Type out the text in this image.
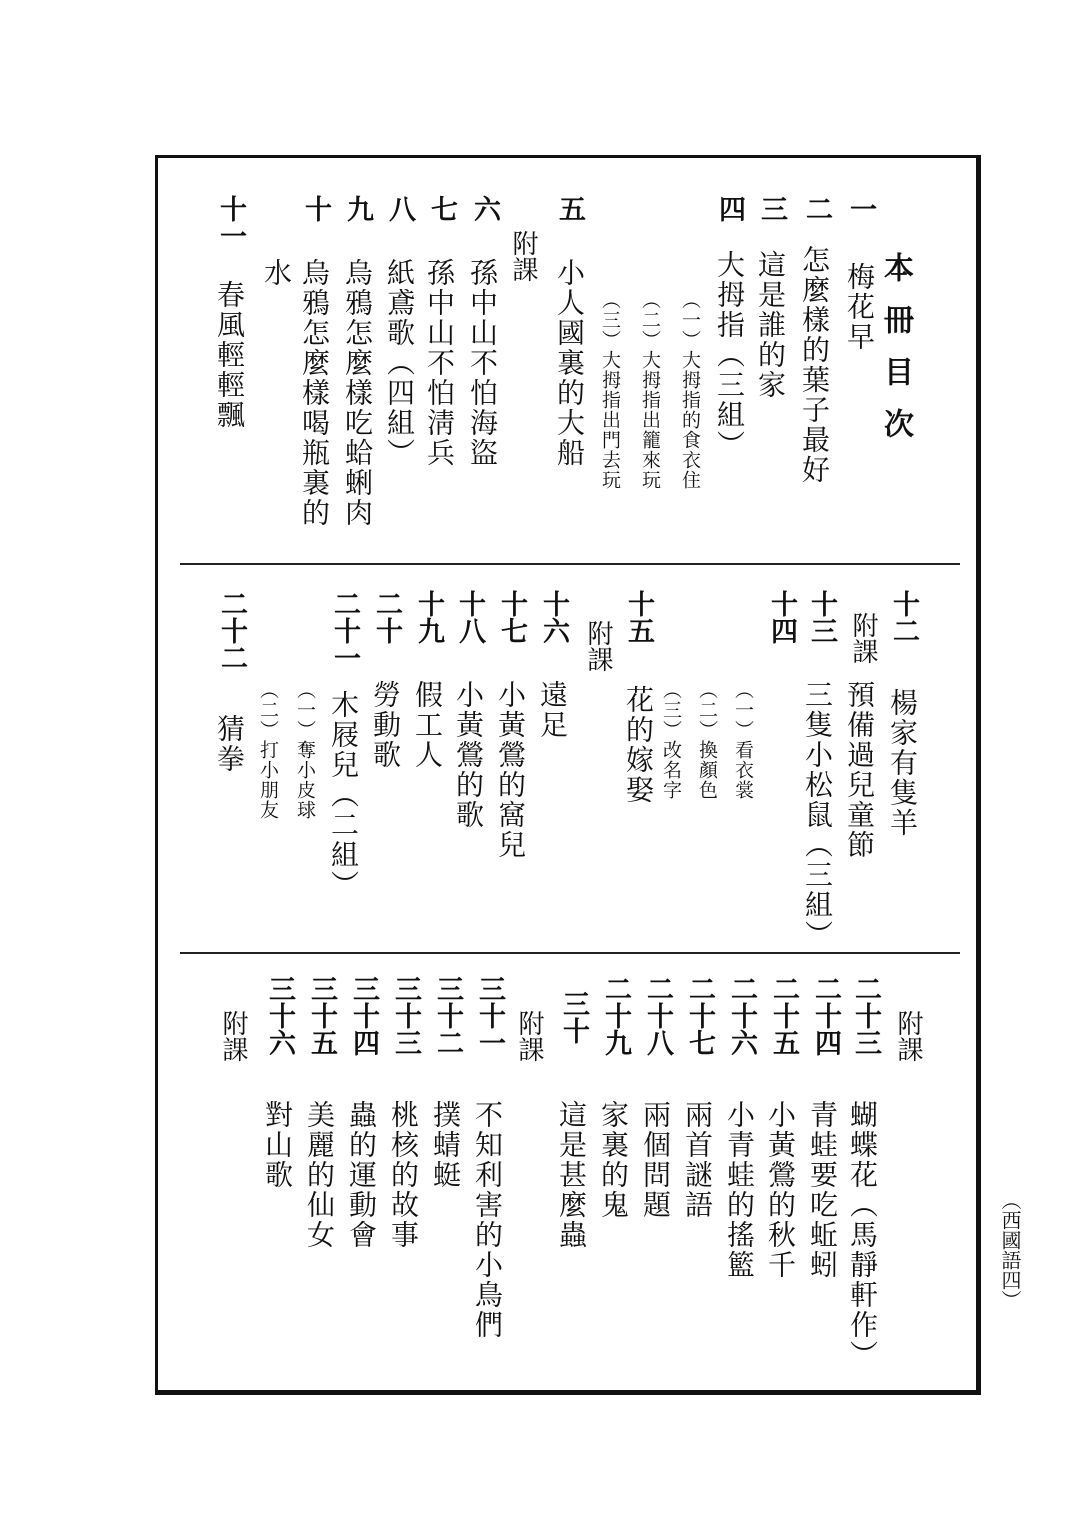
本冊目次
一
梅花早
二
怎麼樣的葉子最好
三
這是誰的家
四
大拇指（三組）
（一）大拇指的食衣住
（二）大拇指出籠來玩
（三）大拇指出門去玩
五
小人國裏的大船
附課
六
孫中山不怕海盜
七
孫中山不怕淸兵
八
紙鳶歌（四組）
九
烏鴉怎麼樣吃蛤蜊肉
十
烏鴉怎麼樣喝瓶裏的
水
十一
春風輕輕飄
十二
楊家有隻羊
附課
預備過兒童節
十三
三隻小松鼠（三組）
十四
（一）看衣裳
（二）換顏色
（三）改名字
花的嫁娶
十五
附課
十六
遠足
十七
小黃鶯的窩兒
十八
小黃鶯的歌
十九
假工人
二十
勞動歌
二十一
木屐兒（二組）
（一）奪小皮球
（二）打小朋友
二十二
猜拳
附課
二十三
蝴蝶花（馬靜軒作）
二十四
青蛙要吃蚯蚓
二十五
小黃鶯的秋千
二十六
小青蛙的搖籃
二十七
兩首謎語
二十八
兩個問題
二十九
家裏的鬼
三十
這是甚麼蟲
附課
三十一
不知利害的小鳥們
三十二
撲蜻蜓
三十三
桃核的故事
三十四
蟲的運動會
三十五
美麗的仙女
三十六
對山歌
附課
（西國語四）
